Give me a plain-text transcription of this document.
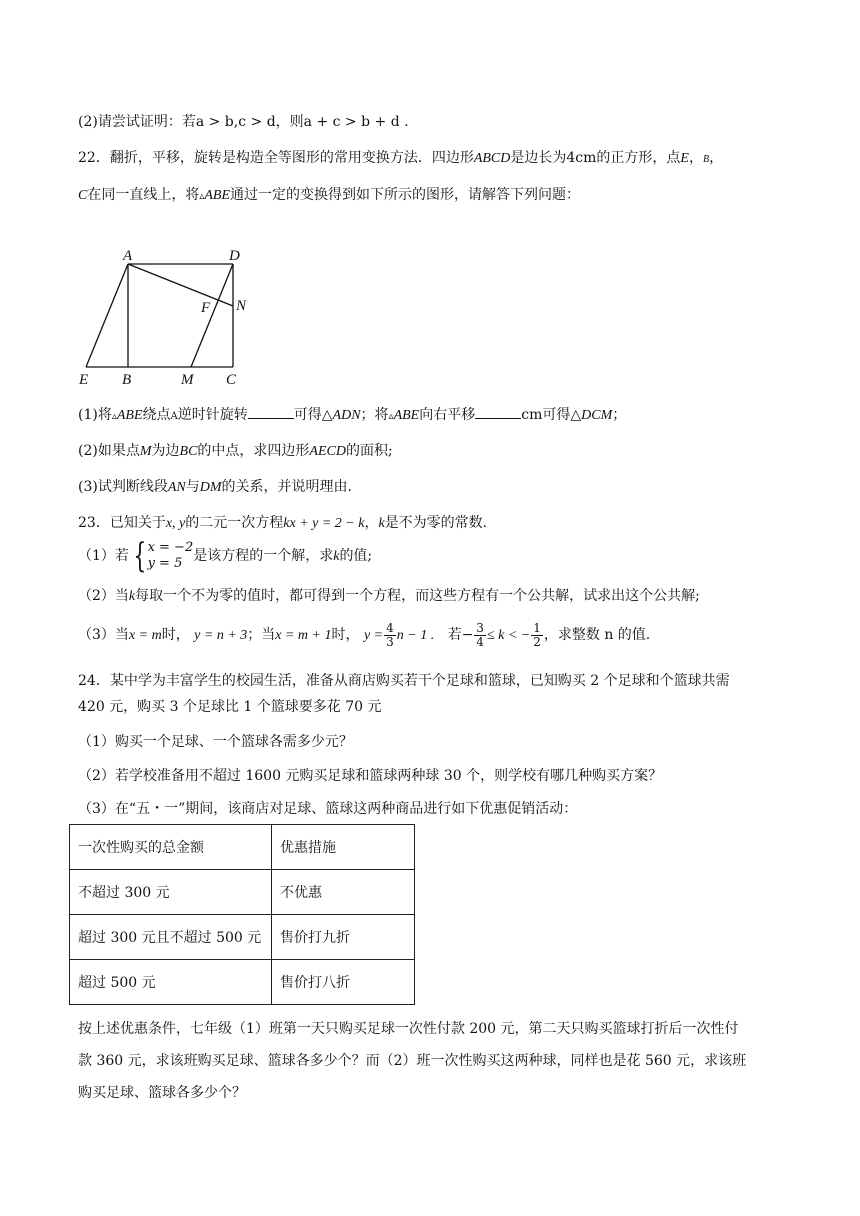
(2)请尝试证明：若a > b,c > d，则a + c > b + d .
22．翻折，平移，旋转是构造全等图形的常用变换方法．四边形ABCD是边长为4cm的正方形，点E，B，
C在同一直线上，将▵ABE通过一定的变换得到如下所示的图形，请解答下列问题：
A	D
F N
E B	M C
(1)将▵ABE绕点A逆时针旋转	可得△ADN；将▵ABE向右平移	cm可得△DCM；
(2)如果点M为边BC的中点，求四边形AECD的面积;
(3)试判断线段AN与DM的关系，并说明理由.
23．已知关于x, y的二元一次方程kx + y = 2 − k，k是不为零的常数.
（1）若 { x = −2
y = 5 是该方程的一个解，求k的值;
（2）当k每取一个不为零的值时，都可得到一个方程，而这些方程有一个公共解，试求出这个公共解;
（3）当x = m时， y = n + 3；当x = m + 1时， $y = \frac{4}{3}$ n − 1 . 若− $\frac{3}{4} \le k$ < − $\frac{1}{2}$ ，求整数 n 的值.
24．某中学为丰富学生的校园生活，准备从商店购买若干个足球和篮球，已知购买 2 个足球和个篮球共需
420 元，购买 3 个足球比 1 个篮球要多花 70 元
（1）购买一个足球、一个篮球各需多少元？
（2）若学校准备用不超过 1600 元购买足球和篮球两种球 30 个，则学校有哪几种购买方案？
（3）在“五・一”期间，该商店对足球、篮球这两种商品进行如下优惠促销活动：
一次性购买的总金额	优惠措施
不超过 300 元	不优惠
超过 300 元且不超过 500 元	售价打九折
超过 500 元	售价打八折
按上述优惠条件，七年级（1）班第一天只购买足球一次性付款 200 元，第二天只购买篮球打折后一次性付
款 360 元，求该班购买足球、篮球各多少个？而（2）班一次性购买这两种球，同样也是花 560 元，求该班
购买足球、篮球各多少个？
